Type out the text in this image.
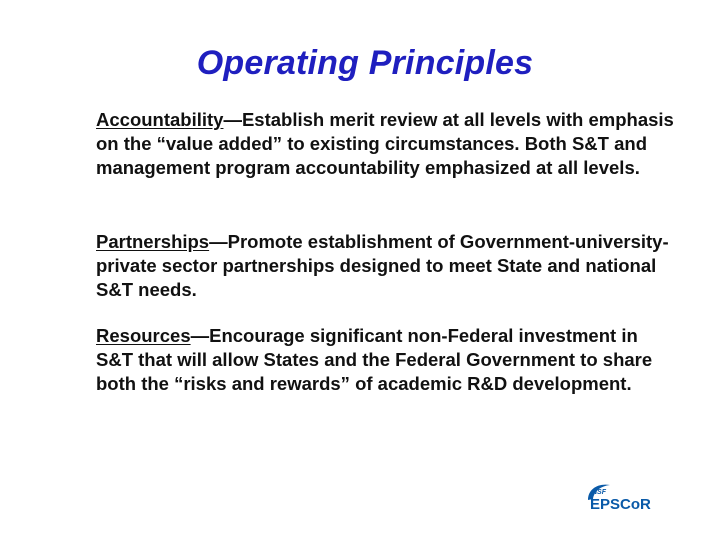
Operating Principles
Accountability—Establish merit review at all levels with emphasis on the “value added” to existing circumstances. Both S&T and management program accountability emphasized at all levels.
Partnerships—Promote establishment of Government-university-private sector partnerships designed to meet State and national S&T needs.
Resources—Encourage significant non-Federal investment in S&T that will allow States and the Federal Government to share both the “risks and rewards” of academic R&D development.
NSF
EPSCoR
